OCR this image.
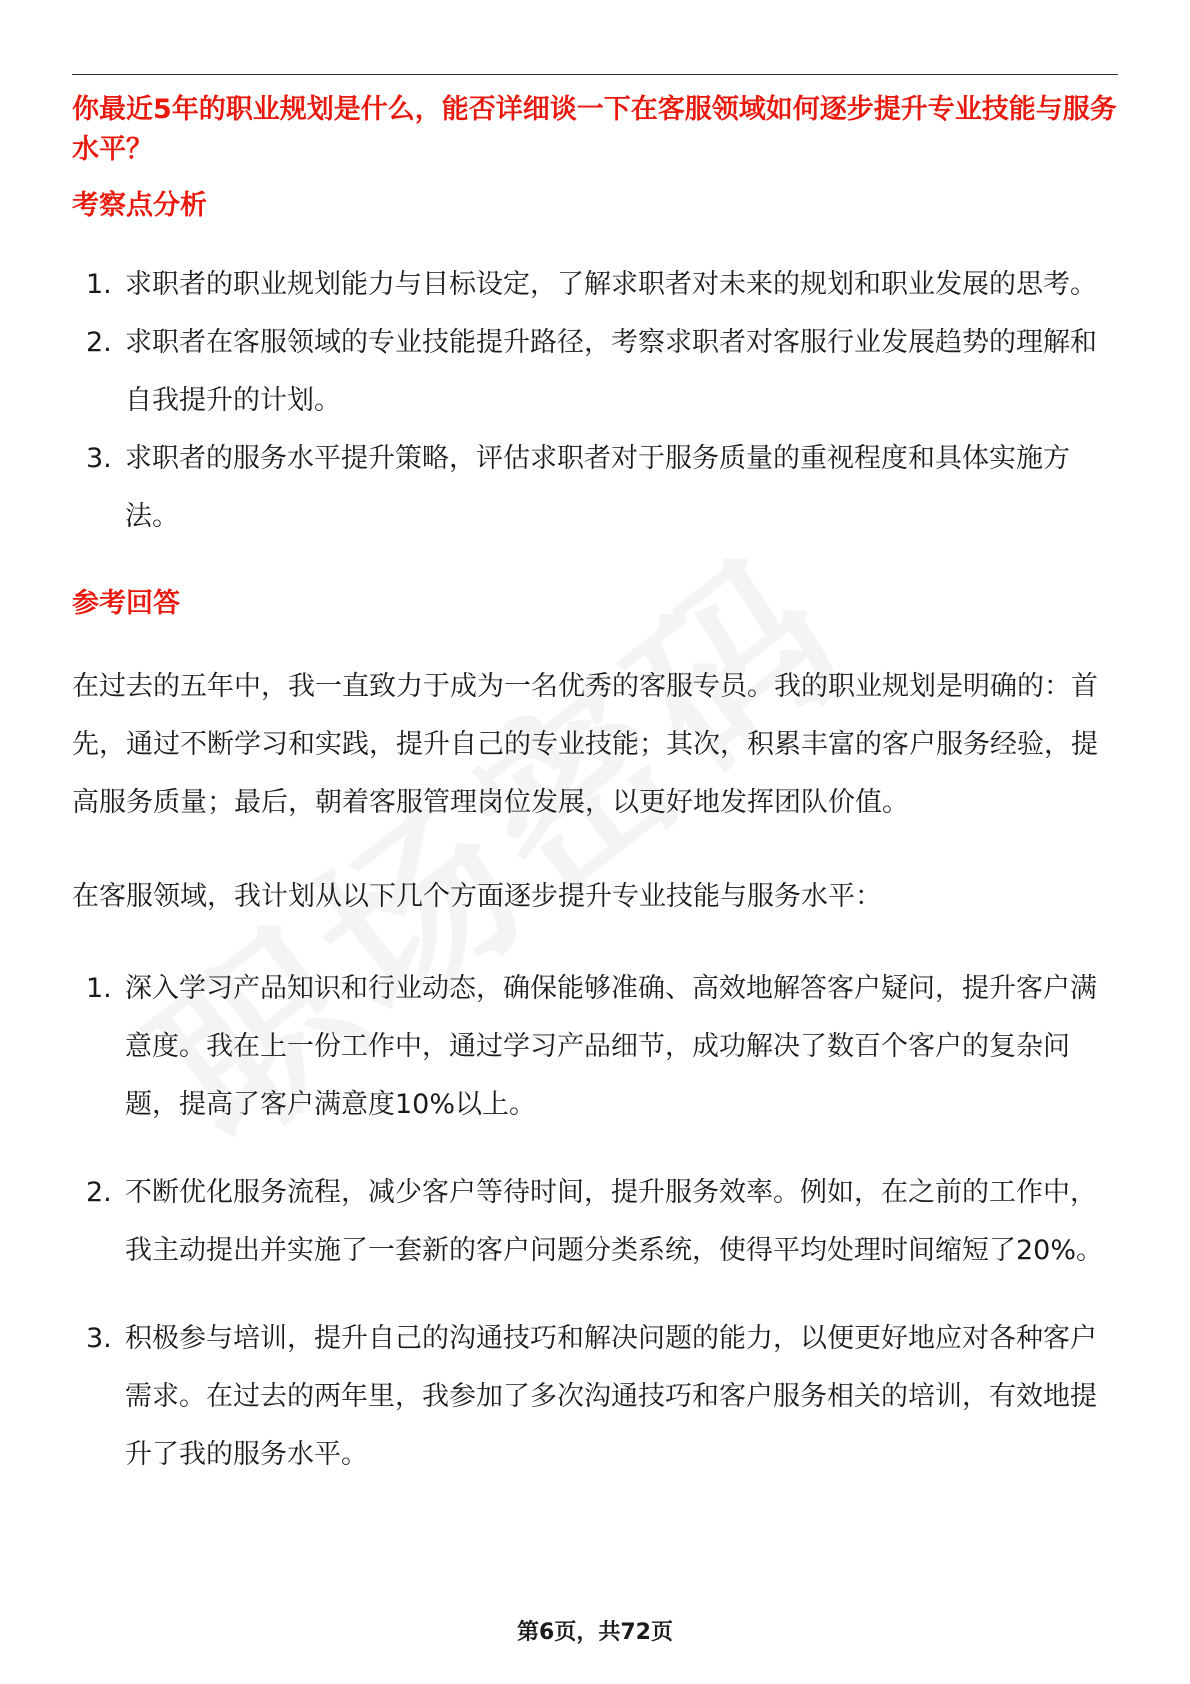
你最近5年的职业规划是什么，能否详细谈一下在客服领域如何逐步提升专业技能与服务水平？

考察点分析

1. 求职者的职业规划能力与目标设定，了解求职者对未来的规划和职业发展的思考。
2. 求职者在客服领域的专业技能提升路径，考察求职者对客服行业发展趋势的理解和自我提升的计划。
3. 求职者的服务水平提升策略，评估求职者对于服务质量的重视程度和具体实施方法。

参考回答

在过去的五年中，我一直致力于成为一名优秀的客服专员。我的职业规划是明确的：首先，通过不断学习和实践，提升自己的专业技能；其次，积累丰富的客户服务经验，提高服务质量；最后，朝着客服管理岗位发展，以更好地发挥团队价值。

在客服领域，我计划从以下几个方面逐步提升专业技能与服务水平：

1. 深入学习产品知识和行业动态，确保能够准确、高效地解答客户疑问，提升客户满意度。我在上一份工作中，通过学习产品细节，成功解决了数百个客户的复杂问题，提高了客户满意度10%以上。
2. 不断优化服务流程，减少客户等待时间，提升服务效率。例如，在之前的工作中，我主动提出并实施了一套新的客户问题分类系统，使得平均处理时间缩短了20%。
3. 积极参与培训，提升自己的沟通技巧和解决问题的能力，以便更好地应对各种客户需求。在过去的两年里，我参加了多次沟通技巧和客户服务相关的培训，有效地提升了我的服务水平。
第6页，共72页
